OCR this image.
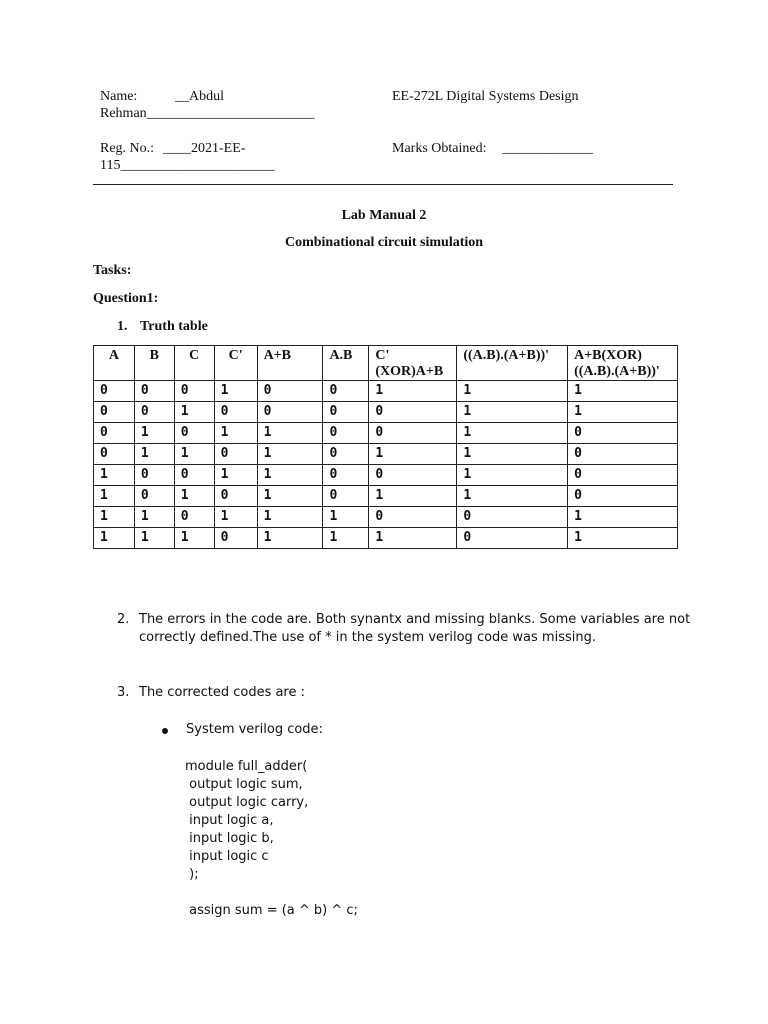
Name:	__Abdul
Rehman________________________
EE-272L Digital Systems Design
Reg. No.: ____2021-EE-
115______________________
Marks Obtained: _____________
Lab Manual 2
Combinational circuit simulation
Tasks:
Question1:
1. Truth table
A	B	C	C'	A+B	A.B	C' (XOR)A+B	((A.B).(A+B))'	A+B(XOR) ((A.B).(A+B))'
0	0	0	1	0	0	1	1	1
0	0	1	0	0	0	0	1	1
0	1	0	1	1	0	0	1	0
0	1	1	0	1	0	1	1	0
1	0	0	1	1	0	0	1	0
1	0	1	0	1	0	1	1	0
1	1	0	1	1	1	0	0	1
1	1	1	0	1	1	1	0	1
2. The errors in the code are. Both synantx and missing blanks. Some variables are not
correctly defined.The use of * in the system verilog code was missing.
3. The corrected codes are :
System verilog code:
module full_adder(
output logic sum,
output logic carry,
input logic a,
input logic b,
input logic c
);
assign sum = (a ^ b) ^ c;
